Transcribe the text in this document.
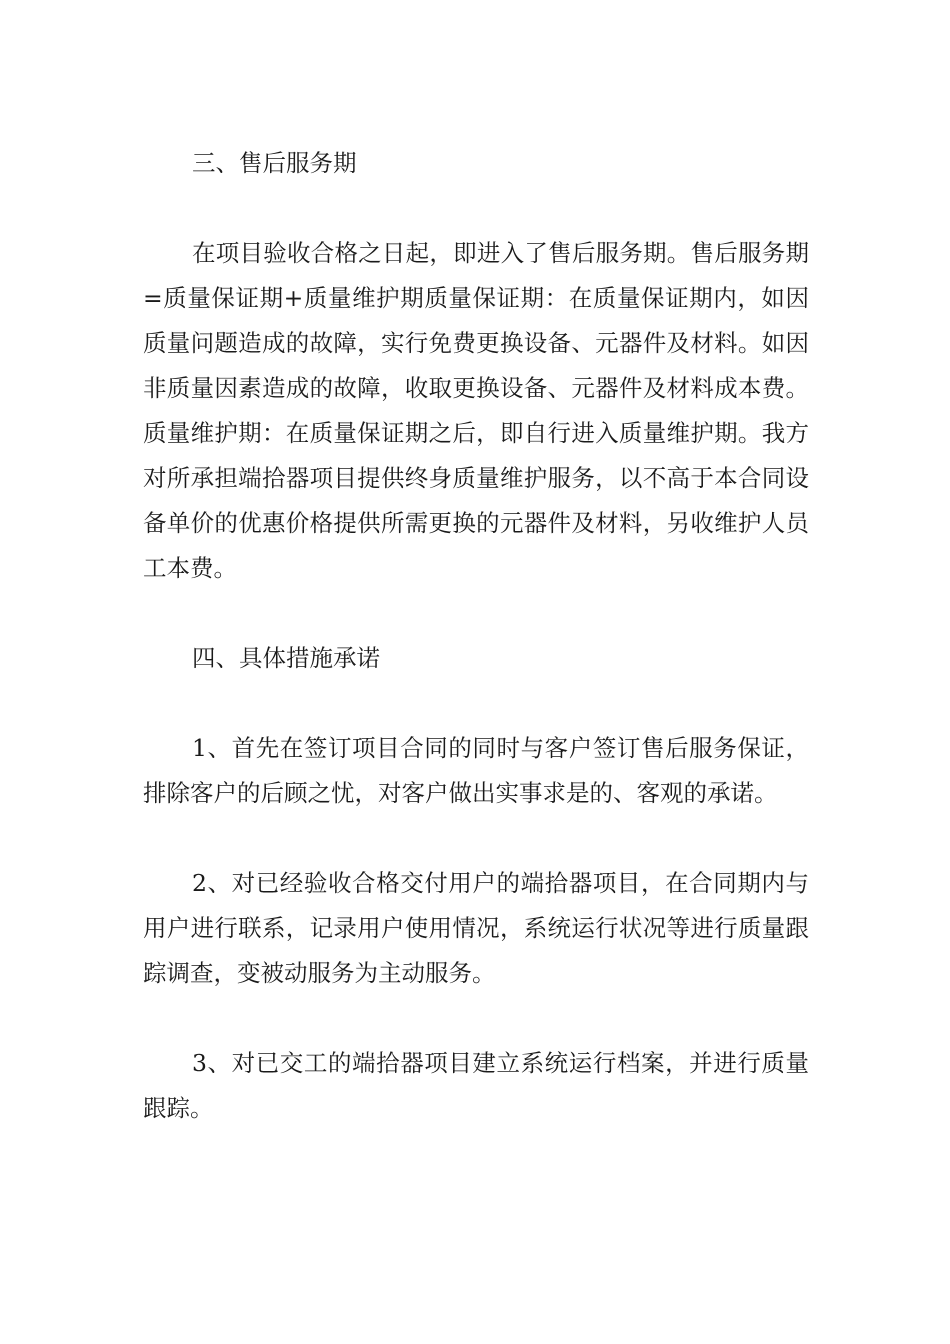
三、售后服务期

在项目验收合格之日起，即进入了售后服务期。售后服务期=质量保证期+质量维护期质量保证期：在质量保证期内，如因质量问题造成的故障，实行免费更换设备、元器件及材料。如因非质量因素造成的故障，收取更换设备、元器件及材料成本费。质量维护期：在质量保证期之后，即自行进入质量维护期。我方对所承担端拾器项目提供终身质量维护服务，以不高于本合同设备单价的优惠价格提供所需更换的元器件及材料，另收维护人员工本费。

四、具体措施承诺

1、首先在签订项目合同的同时与客户签订售后服务保证，排除客户的后顾之忧，对客户做出实事求是的、客观的承诺。

2、对已经验收合格交付用户的端拾器项目，在合同期内与用户进行联系，记录用户使用情况，系统运行状况等进行质量跟踪调查，变被动服务为主动服务。

3、对已交工的端拾器项目建立系统运行档案，并进行质量跟踪。
